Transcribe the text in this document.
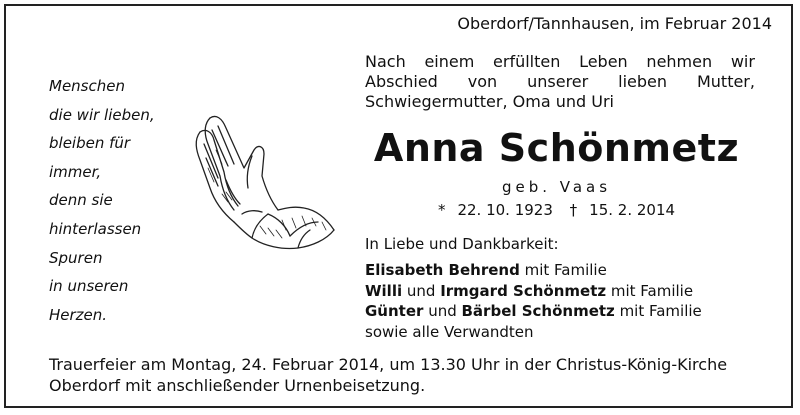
Oberdorf/Tannhausen, im Februar 2014
Nach einem erfüllten Leben nehmen wir
Abschied von unserer lieben Mutter,
Schwiegermutter, Oma und Uri
Menschen
die wir lieben,
bleiben für
immer,
denn sie
hinterlassen
Spuren
in unseren
Herzen.
Anna Schönmetz
geb. Vaas
* 22. 10. 1923 † 15. 2. 2014
In Liebe und Dankbarkeit:
Elisabeth Behrend mit Familie
Willi und Irmgard Schönmetz mit Familie
Günter und Bärbel Schönmetz mit Familie
sowie alle Verwandten
Trauerfeier am Montag, 24. Februar 2014, um 13.30 Uhr in der Christus-König-Kirche
Oberdorf mit anschließender Urnenbeisetzung.
